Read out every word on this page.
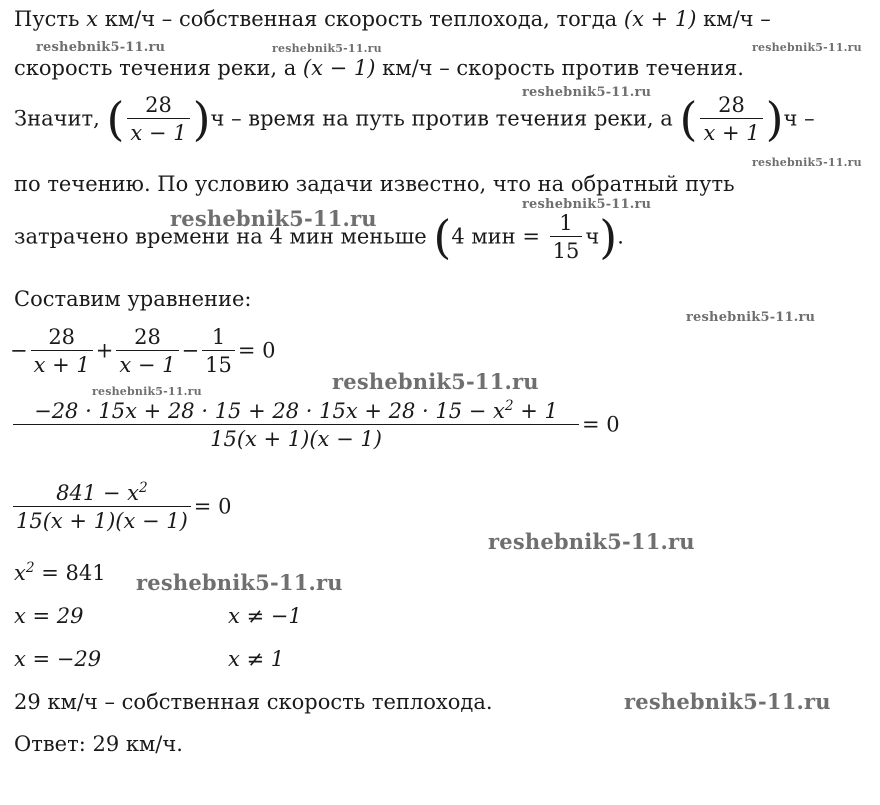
Пусть x км/ч – собственная скорость теплохода, тогда (x + 1) км/ч –
скорость течения реки, а (x − 1) км/ч – скорость против течения.
Значит, ( $\frac{28}{x - 1} )ч$ – время на путь против течения реки, а ( $\frac{28}{x + 1} )ч$ –
по течению. По условию задачи известно, что на обратный путь
затрачено времени на 4 мин меньше (4 мин = $\frac{1}{15} ч$).
Составим уравнение:
− $\frac{28}{x + 1} + \frac{28}{x - 1} - \frac{1}{15} = 0$
$\frac{-28 \cdot 15x + 28 \cdot 15 + 28 \cdot 15x + 28 \cdot 15 - x^2 + 1}{15(x + 1)(x - 1)} = 0$
$\frac{841 - x^2}{15(x + 1)(x - 1)} = 0$
$x^2 = 841$
x = 29	x ≠ −1
x = −29	x ≠ 1
29 км/ч – собственная скорость теплохода.
Ответ: 29 км/ч.
reshebnik5-11.ru	reshebnik5-11.ru	reshebnik5-11.ru
reshebnik5-11.ru
reshebnik5-11.ru
reshebnik5-11.ru
reshebnik5-11.ru
reshebnik5-11.ru
reshebnik5-11.ru	reshebnik5-11.ru
reshebnik5-11.ru
reshebnik5-11.ru
reshebnik5-11.ru
